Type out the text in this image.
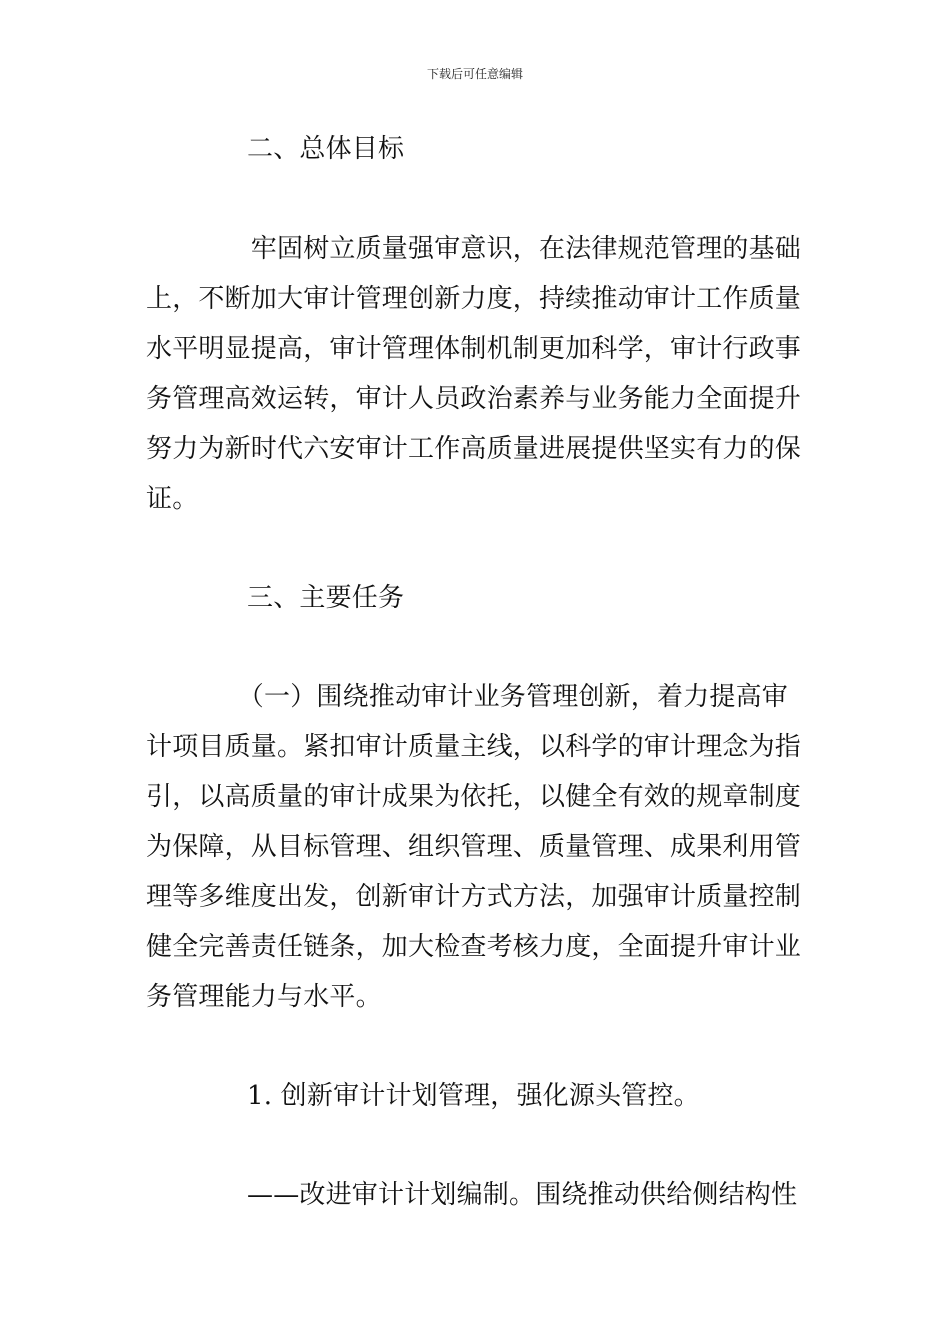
下载后可任意编辑
二、总体目标
　　　　牢固树立质量强审意识，在法律规范管理的基础
上，不断加大审计管理创新力度，持续推动审计工作质量
水平明显提高，审计管理体制机制更加科学，审计行政事
务管理高效运转，审计人员政治素养与业务能力全面提升
努力为新时代六安审计工作高质量进展提供坚实有力的保
证。
三、主要任务
　　　　（一）围绕推动审计业务管理创新，着力提高审
计项目质量。紧扣审计质量主线，以科学的审计理念为指
引，以高质量的审计成果为依托，以健全有效的规章制度
为保障，从目标管理、组织管理、质量管理、成果利用管
理等多维度出发，创新审计方式方法，加强审计质量控制
健全完善责任链条，加大检查考核力度，全面提升审计业
务管理能力与水平。
1. 创新审计计划管理，强化源头管控。
——改进审计计划编制。围绕推动供给侧结构性
